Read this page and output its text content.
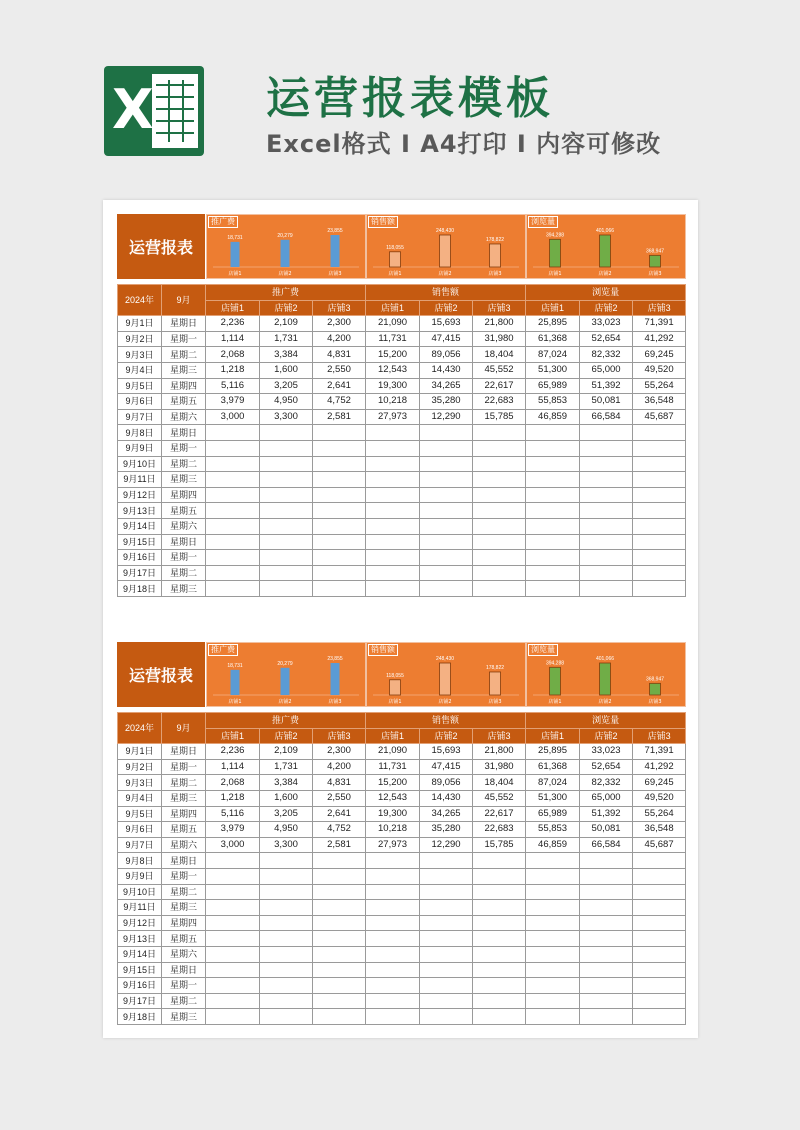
X	运营报表模板
Excel格式 I A4打印 I 内容可修改
运营报表
推广费
18,731
店铺1
20,279
店铺2
23,855
店铺3
销售额
118,055
店铺1
248,430
店铺2
178,822
店铺3
浏览量
394,288
店铺1
401,066
店铺2
368,947
店铺3
2024年	9月	推广费			销售额			浏览量		
		店铺1	店铺2	店铺3	店铺1	店铺2	店铺3	店铺1	店铺2	店铺3
9月1日	星期日	2,236	2,109	2,300	21,090	15,693	21,800	25,895	33,023	71,391
9月2日	星期一	1,114	1,731	4,200	11,731	47,415	31,980	61,368	52,654	41,292
9月3日	星期二	2,068	3,384	4,831	15,200	89,056	18,404	87,024	82,332	69,245
9月4日	星期三	1,218	1,600	2,550	12,543	14,430	45,552	51,300	65,000	49,520
9月5日	星期四	5,116	3,205	2,641	19,300	34,265	22,617	65,989	51,392	55,264
9月6日	星期五	3,979	4,950	4,752	10,218	35,280	22,683	55,853	50,081	36,548
9月7日	星期六	3,000	3,300	2,581	27,973	12,290	15,785	46,859	66,584	45,687
9月8日	星期日									
9月9日	星期一									
9月10日	星期二									
9月11日	星期三									
9月12日	星期四									
9月13日	星期五									
9月14日	星期六									
9月15日	星期日									
9月16日	星期一									
9月17日	星期二									
9月18日	星期三									
运营报表
推广费
18,731
店铺1
20,279
店铺2
23,855
店铺3
销售额
118,055
店铺1
248,430
店铺2
178,822
店铺3
浏览量
394,288
店铺1
401,066
店铺2
368,947
店铺3
2024年	9月	推广费			销售额			浏览量		
		店铺1	店铺2	店铺3	店铺1	店铺2	店铺3	店铺1	店铺2	店铺3
9月1日	星期日	2,236	2,109	2,300	21,090	15,693	21,800	25,895	33,023	71,391
9月2日	星期一	1,114	1,731	4,200	11,731	47,415	31,980	61,368	52,654	41,292
9月3日	星期二	2,068	3,384	4,831	15,200	89,056	18,404	87,024	82,332	69,245
9月4日	星期三	1,218	1,600	2,550	12,543	14,430	45,552	51,300	65,000	49,520
9月5日	星期四	5,116	3,205	2,641	19,300	34,265	22,617	65,989	51,392	55,264
9月6日	星期五	3,979	4,950	4,752	10,218	35,280	22,683	55,853	50,081	36,548
9月7日	星期六	3,000	3,300	2,581	27,973	12,290	15,785	46,859	66,584	45,687
9月8日	星期日									
9月9日	星期一									
9月10日	星期二									
9月11日	星期三									
9月12日	星期四									
9月13日	星期五									
9月14日	星期六									
9月15日	星期日									
9月16日	星期一									
9月17日	星期二									
9月18日	星期三									
